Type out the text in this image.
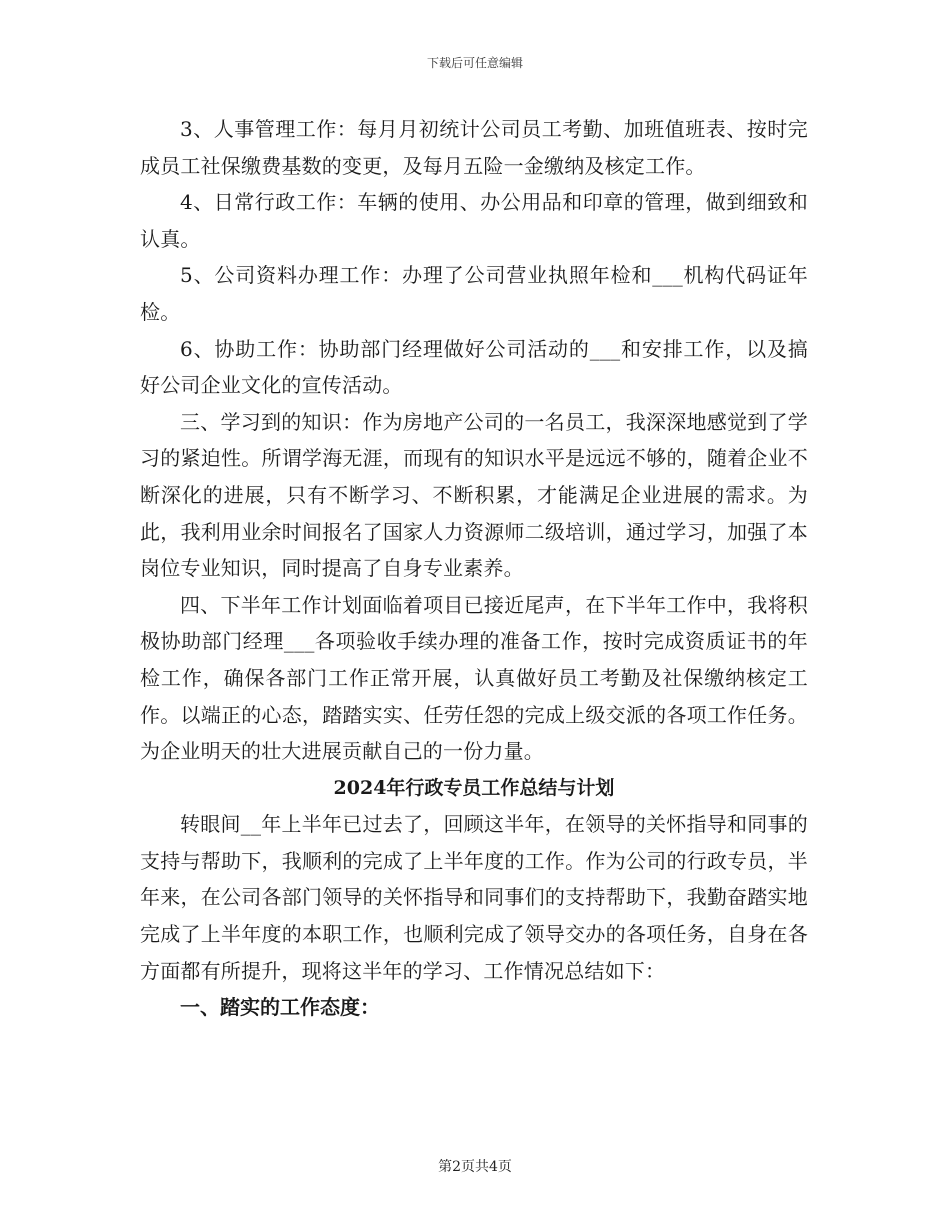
下载后可任意编辑

3、人事管理工作：每月月初统计公司员工考勤、加班值班表、按时完成员工社保缴费基数的变更，及每月五险一金缴纳及核定工作。

4、日常行政工作：车辆的使用、办公用品和印章的管理，做到细致和认真。

5、公司资料办理工作：办理了公司营业执照年检和___机构代码证年检。

6、协助工作：协助部门经理做好公司活动的___和安排工作，以及搞好公司企业文化的宣传活动。

三、学习到的知识：作为房地产公司的一名员工，我深深地感觉到了学习的紧迫性。所谓学海无涯，而现有的知识水平是远远不够的，随着企业不断深化的进展，只有不断学习、不断积累，才能满足企业进展的需求。为此，我利用业余时间报名了国家人力资源师二级培训，通过学习，加强了本岗位专业知识，同时提高了自身专业素养。

四、下半年工作计划面临着项目已接近尾声，在下半年工作中，我将积极协助部门经理___各项验收手续办理的准备工作，按时完成资质证书的年检工作，确保各部门工作正常开展，认真做好员工考勤及社保缴纳核定工作。以端正的心态，踏踏实实、任劳任怨的完成上级交派的各项工作任务。为企业明天的壮大进展贡献自己的一份力量。

2024年行政专员工作总结与计划

转眼间__年上半年已过去了，回顾这半年，在领导的关怀指导和同事的支持与帮助下，我顺利的完成了上半年度的工作。作为公司的行政专员，半年来，在公司各部门领导的关怀指导和同事们的支持帮助下，我勤奋踏实地完成了上半年度的本职工作，也顺利完成了领导交办的各项任务，自身在各方面都有所提升，现将这半年的学习、工作情况总结如下：

一、踏实的工作态度：
第2页共4页
